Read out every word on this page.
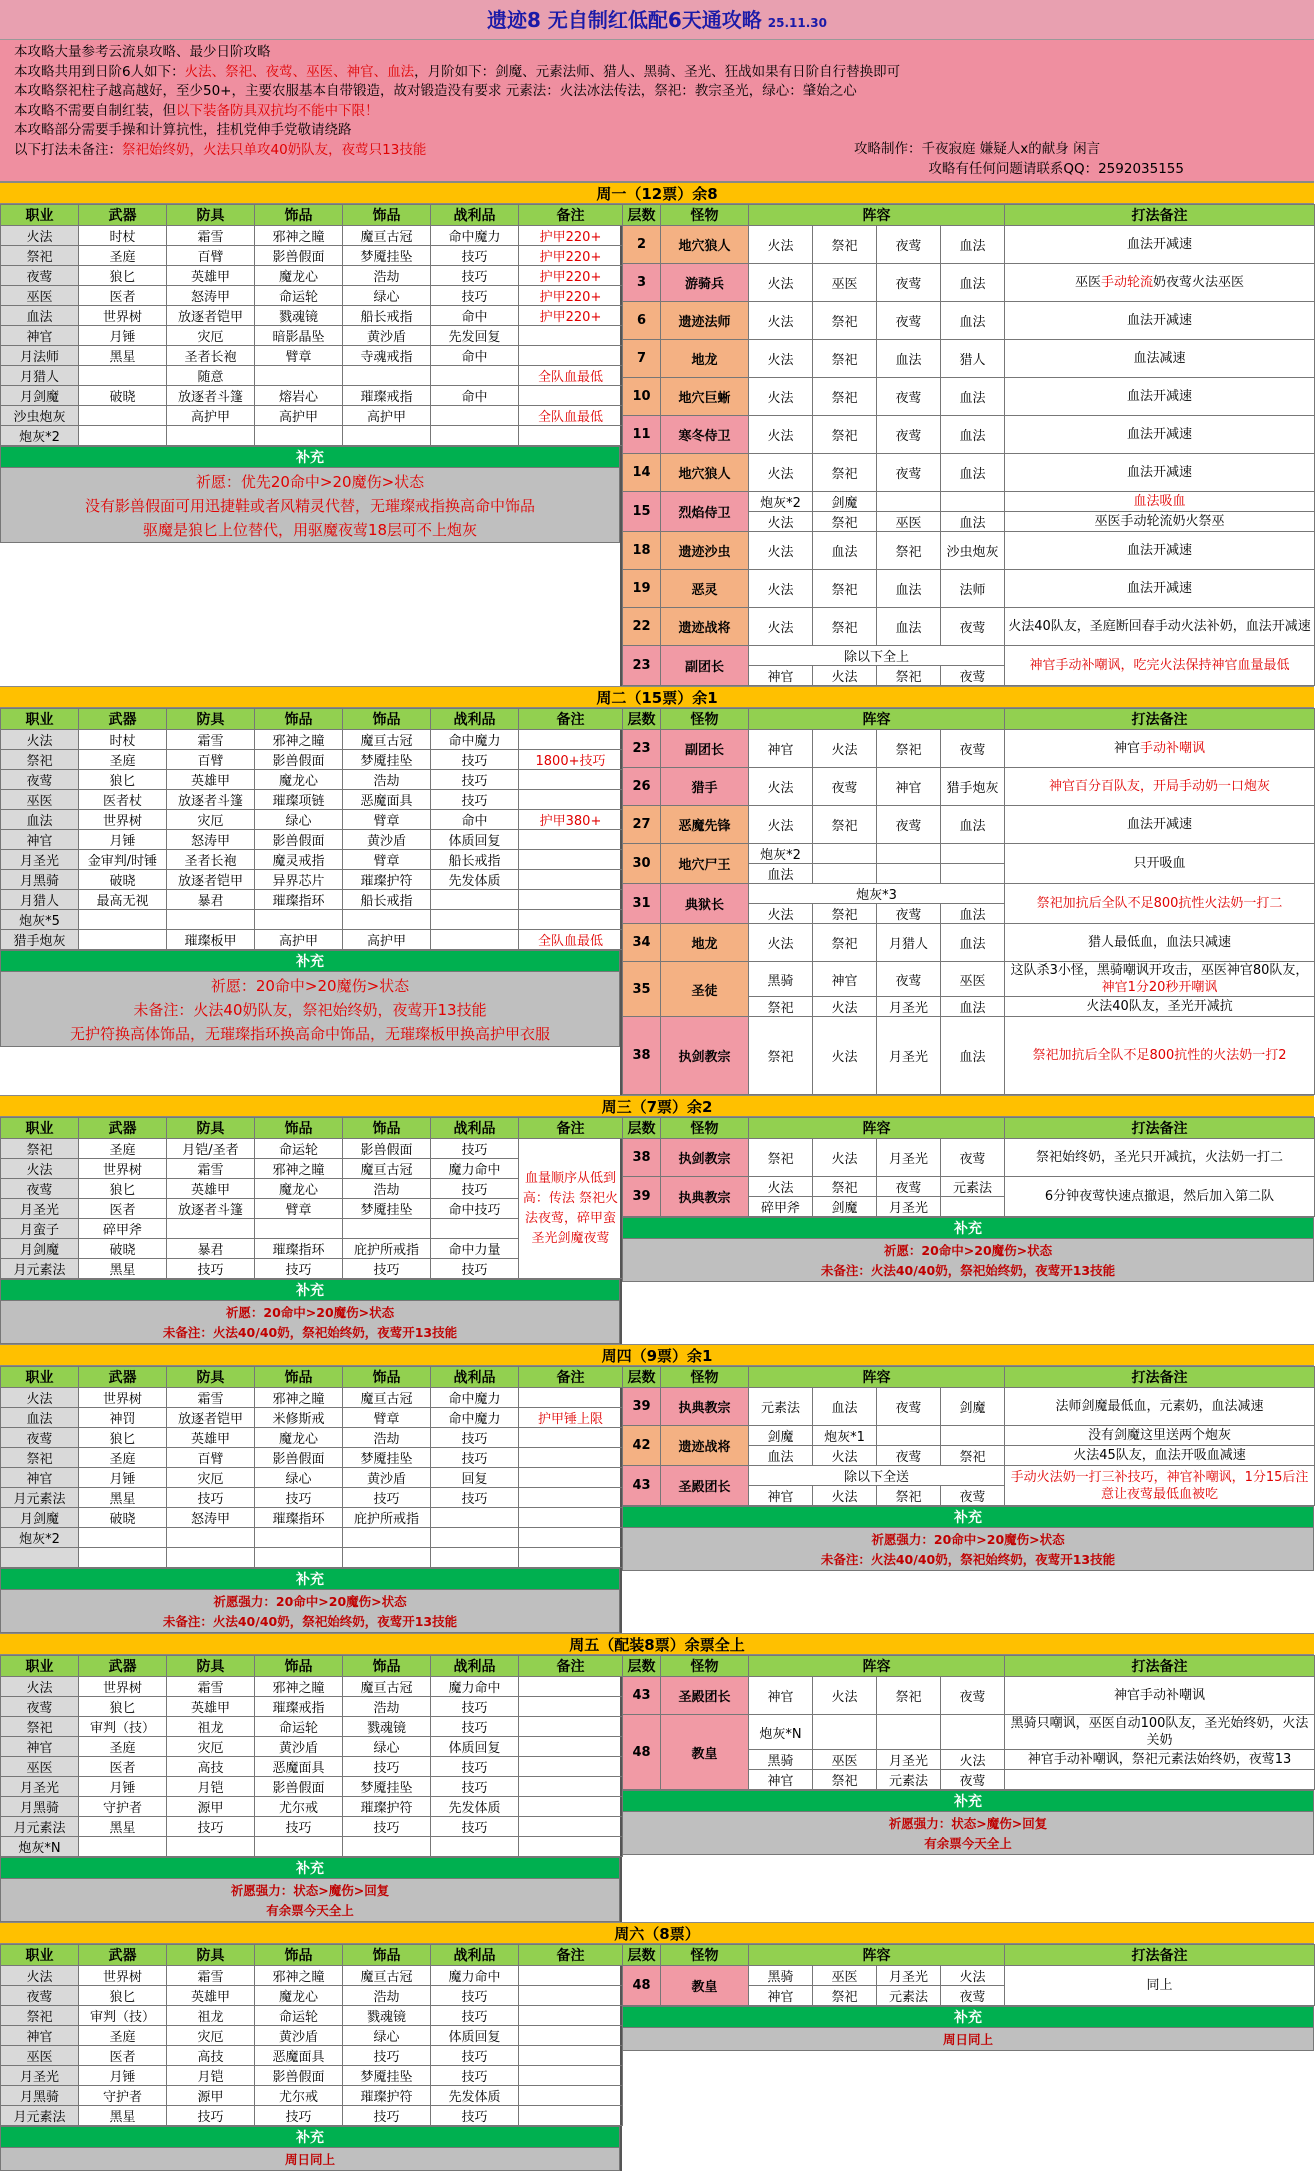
遗迹8 无自制红低配6天通攻略 25.11.30
本攻略大量参考云流泉攻略、最少日阶攻略
本攻略共用到日阶6人如下：火法、祭祀、夜莺、巫医、神官、血法，月阶如下：剑魔、元素法师、猎人、黑骑、圣光、狂战如果有日阶自行替换即可
本攻略祭祀柱子越高越好，至少50+，主要农服基本自带锻造，故对锻造没有要求 元素法：火法冰法传法，祭祀：教宗圣光，绿心：肇始之心
本攻略不需要自制红装，但以下装备防具双抗均不能中下限！
本攻略部分需要手操和计算抗性，挂机党伸手党敬请绕路
以下打法未备注：祭祀始终奶，火法只单攻40奶队友，夜莺只13技能	攻略制作：千夜寂庭 嫌疑人x的献身 闲言
攻略有任何问题请联系QQ：2592035155
周一（12票）余8
职业	武器	防具	饰品	饰品	战利品	备注
火法	时杖	霜雪	邪神之瞳	魔亘古冠	命中魔力	护甲220+
祭祀	圣庭	百臂	影兽假面	梦魇挂坠	技巧	护甲220+
夜莺	狼匕	英雄甲	魔龙心	浩劫	技巧	护甲220+
巫医	医者	怒涛甲	命运轮	绿心	技巧	护甲220+
血法	世界树	放逐者铠甲	戮魂镜	船长戒指	命中	护甲220+
神官	月锤	灾厄	暗影晶坠	黄沙盾	先发回复	
月法师	黑星	圣者长袍	臂章	寺魂戒指	命中	
月猎人		随意				全队血最低
月剑魔	破晓	放逐者斗篷	熔岩心	璀璨戒指	命中	
沙虫炮灰		高护甲	高护甲	高护甲		全队血最低
炮灰*2						
补充
祈愿：优先20命中>20魔伤>状态
没有影兽假面可用迅捷鞋或者风精灵代替，无璀璨戒指换高命中饰品
驱魔是狼匕上位替代，用驱魔夜莺18层可不上炮灰
层数	怪物	阵容				打法备注
2	地穴狼人	火法	祭祀	夜莺	血法	血法开减速
3	游骑兵	火法	巫医	夜莺	血法	巫医手动轮流奶夜莺火法巫医
6	遗迹法师	火法	祭祀	夜莺	血法	血法开减速
7	地龙	火法	祭祀	血法	猎人	血法减速
10	地穴巨蜥	火法	祭祀	夜莺	血法	血法开减速
11	寒冬侍卫	火法	祭祀	夜莺	血法	血法开减速
14	地穴狼人	火法	祭祀	夜莺	血法	血法开减速
15	烈焰侍卫	炮灰*2	剑魔			血法吸血
		火法	祭祀	巫医	血法	巫医手动轮流奶火祭巫
18	遗迹沙虫	火法	血法	祭祀	沙虫炮灰	血法开减速
19	恶灵	火法	祭祀	血法	法师	血法开减速
22	遗迹战将	火法	祭祀	血法	夜莺	火法40队友，圣庭断回春手动火法补奶，血法开减速
23	副团长	除以下全上				神官手动补嘲讽，吃完火法保持神官血量最低
		神官	火法	祭祀	夜莺	
周二（15票）余1
职业	武器	防具	饰品	饰品	战利品	备注
火法	时杖	霜雪	邪神之瞳	魔亘古冠	命中魔力	
祭祀	圣庭	百臂	影兽假面	梦魇挂坠	技巧	1800+技巧
夜莺	狼匕	英雄甲	魔龙心	浩劫	技巧	
巫医	医者杖	放逐者斗篷	璀璨项链	恶魔面具	技巧	
血法	世界树	灾厄	绿心	臂章	命中	护甲380+
神官	月锤	怒涛甲	影兽假面	黄沙盾	体质回复	
月圣光	金审判/时锤	圣者长袍	魔灵戒指	臂章	船长戒指	
月黑骑	破晓	放逐者铠甲	异界芯片	璀璨护符	先发体质	
月猎人	最高无视	暴君	璀璨指环	船长戒指		
炮灰*5						
猎手炮灰		璀璨板甲	高护甲	高护甲		全队血最低
补充
祈愿：20命中>20魔伤>状态
未备注：火法40奶队友，祭祀始终奶，夜莺开13技能
无护符换高体饰品，无璀璨指环换高命中饰品，无璀璨板甲换高护甲衣服
层数	怪物	阵容				打法备注
23	副团长	神官	火法	祭祀	夜莺	神官手动补嘲讽
26	猎手	火法	夜莺	神官	猎手炮灰	神官百分百队友，开局手动奶一口炮灰
27	恶魔先锋	火法	祭祀	夜莺	血法	血法开减速
30	地穴尸王	炮灰*2				只开吸血
		血法				
31	典狱长	炮灰*3				祭祀加抗后全队不足800抗性火法奶一打二
		火法	祭祀	夜莺	血法	
34	地龙	火法	祭祀	月猎人	血法	猎人最低血，血法只减速
35	圣徒	黑骑	神官	夜莺	巫医	这队杀3小怪，黑骑嘲讽开攻击，巫医神官80队友，神官1分20秒开嘲讽
		祭祀	火法	月圣光	血法	火法40队友，圣光开减抗
38	执剑教宗	祭祀	火法	月圣光	血法	祭祀加抗后全队不足800抗性的火法奶一打2
周三（7票）余2
职业	武器	防具	饰品	饰品	战利品	备注
祭祀	圣庭	月铠/圣者	命运轮	影兽假面	技巧	血量顺序从低到高：传法 祭祀火法夜莺，碎甲蛮圣光剑魔夜莺
火法	世界树	霜雪	邪神之瞳	魔亘古冠	魔力命中	
夜莺	狼匕	英雄甲	魔龙心	浩劫	技巧	
月圣光	医者	放逐者斗篷	臂章	梦魇挂坠	命中技巧	
月蛮子	碎甲斧					
月剑魔	破晓	暴君	璀璨指环	庇护所戒指	命中力量	
月元素法	黑星	技巧	技巧	技巧	技巧	
补充
祈愿：20命中>20魔伤>状态
未备注：火法40/40奶，祭祀始终奶，夜莺开13技能
层数	怪物	阵容				打法备注
38	执剑教宗	祭祀	火法	月圣光	夜莺	祭祀始终奶，圣光只开减抗，火法奶一打二
39	执典教宗	火法	祭祀	夜莺	元素法	6分钟夜莺快速点撤退，然后加入第二队
		碎甲斧	剑魔	月圣光		
补充
祈愿：20命中>20魔伤>状态
未备注：火法40/40奶，祭祀始终奶，夜莺开13技能
周四（9票）余1
职业	武器	防具	饰品	饰品	战利品	备注
火法	世界树	霜雪	邪神之瞳	魔亘古冠	命中魔力	
血法	神罚	放逐者铠甲	米修斯戒	臂章	命中魔力	护甲锤上限
夜莺	狼匕	英雄甲	魔龙心	浩劫	技巧	
祭祀	圣庭	百臂	影兽假面	梦魇挂坠	技巧	
神官	月锤	灾厄	绿心	黄沙盾	回复	
月元素法	黑星	技巧	技巧	技巧	技巧	
月剑魔	破晓	怒涛甲	璀璨指环	庇护所戒指		
炮灰*2						

补充
祈愿强力：20命中>20魔伤>状态
未备注：火法40/40奶，祭祀始终奶，夜莺开13技能
层数	怪物	阵容				打法备注
39	执典教宗	元素法	血法	夜莺	剑魔	法师剑魔最低血，元素奶，血法减速
42	遗迹战将	剑魔	炮灰*1			没有剑魔这里送两个炮灰
		血法	火法	夜莺	祭祀	火法45队友，血法开吸血减速
43	圣殿团长	除以下全送				手动火法奶一打三补技巧，神官补嘲讽，1分15后注意让夜莺最低血被吃
		神官	火法	祭祀	夜莺	
补充
祈愿强力：20命中>20魔伤>状态
未备注：火法40/40奶，祭祀始终奶，夜莺开13技能
周五（配装8票）余票全上
职业	武器	防具	饰品	饰品	战利品	备注
火法	世界树	霜雪	邪神之瞳	魔亘古冠	魔力命中	
夜莺	狼匕	英雄甲	璀璨戒指	浩劫	技巧	
祭祀	审判（技）	祖龙	命运轮	戮魂镜	技巧	
神官	圣庭	灾厄	黄沙盾	绿心	体质回复	
巫医	医者	高技	恶魔面具	技巧	技巧	
月圣光	月锤	月铠	影兽假面	梦魇挂坠	技巧	
月黑骑	守护者	源甲	尤尔戒	璀璨护符	先发体质	
月元素法	黑星	技巧	技巧	技巧	技巧	
炮灰*N						
补充
祈愿强力：状态>魔伤>回复
有余票今天全上
层数	怪物	阵容				打法备注
43	圣殿团长	神官	火法	祭祀	夜莺	神官手动补嘲讽
48	教皇	炮灰*N				黑骑只嘲讽，巫医自动100队友，圣光始终奶，火法关奶
		黑骑	巫医	月圣光	火法	神官手动补嘲讽，祭祀元素法始终奶，夜莺13
		神官	祭祀	元素法	夜莺	
补充
祈愿强力：状态>魔伤>回复
有余票今天全上
周六（8票）
职业	武器	防具	饰品	饰品	战利品	备注
火法	世界树	霜雪	邪神之瞳	魔亘古冠	魔力命中	
夜莺	狼匕	英雄甲	魔龙心	浩劫	技巧	
祭祀	审判（技）	祖龙	命运轮	戮魂镜	技巧	
神官	圣庭	灾厄	黄沙盾	绿心	体质回复	
巫医	医者	高技	恶魔面具	技巧	技巧	
月圣光	月锤	月铠	影兽假面	梦魇挂坠	技巧	
月黑骑	守护者	源甲	尤尔戒	璀璨护符	先发体质	
月元素法	黑星	技巧	技巧	技巧	技巧	
补充
周日同上
层数	怪物	阵容				打法备注
48	教皇	黑骑	巫医	月圣光	火法	同上
		神官	祭祀	元素法	夜莺	
补充
周日同上
